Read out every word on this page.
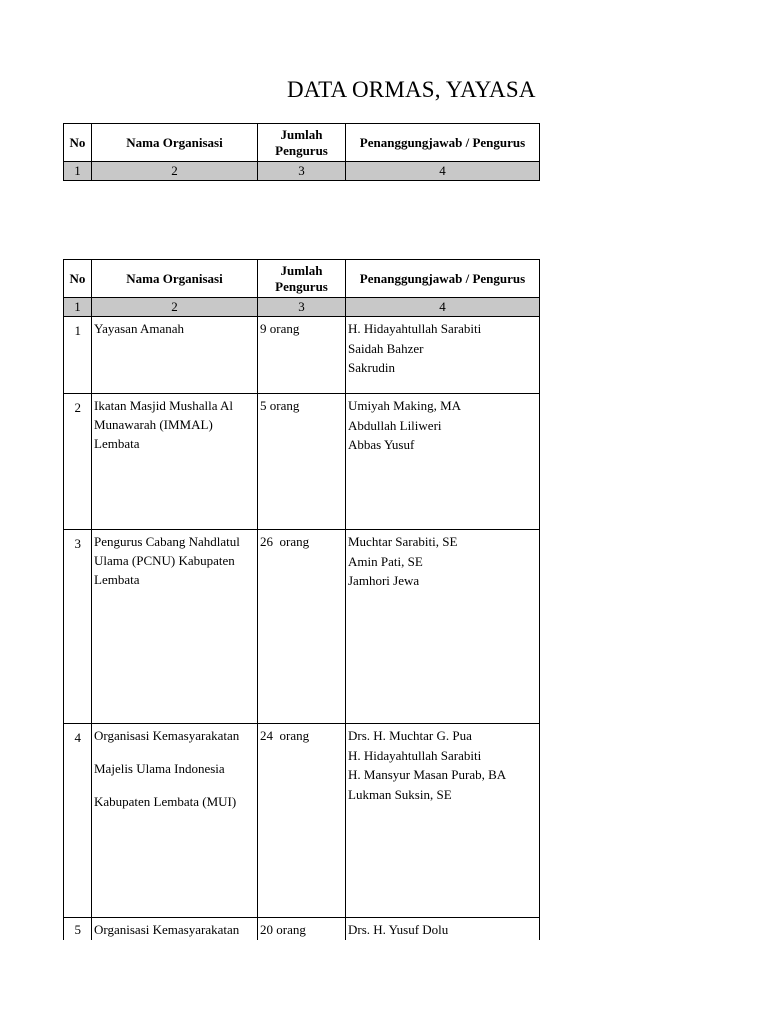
DATA ORMAS, YAYASA
No	Nama Organisasi	Jumlah Pengurus	Penanggungjawab / Pengurus
1	2	3	4
No	Nama Organisasi	Jumlah Pengurus	Penanggungjawab / Pengurus
1	2	3	4
1	Yayasan Amanah	9 orang	H. Hidayahtullah Sarabiti
Saidah Bahzer
Sakrudin

2	Ikatan Masjid Mushalla Al
Munawarah (IMMAL)
Lembata	5 orang	Umiyah Making, MA
Abdullah Liliweri
Abbas Yusuf

3	Pengurus Cabang Nahdlatul
Ulama (PCNU) Kabupaten
Lembata	26  orang	Muchtar Sarabiti, SE
Amin Pati, SE
Jamhori Jewa

4	Organisasi Kemasyarakatan
Majelis Ulama Indonesia
Kabupaten Lembata (MUI)	24  orang	Drs. H. Muchtar G. Pua
H. Hidayahtullah Sarabiti
H. Mansyur Masan Purab, BA
Lukman Suksin, SE

5	Organisasi Kemasyarakatan	20 orang	Drs. H. Yusuf Dolu
